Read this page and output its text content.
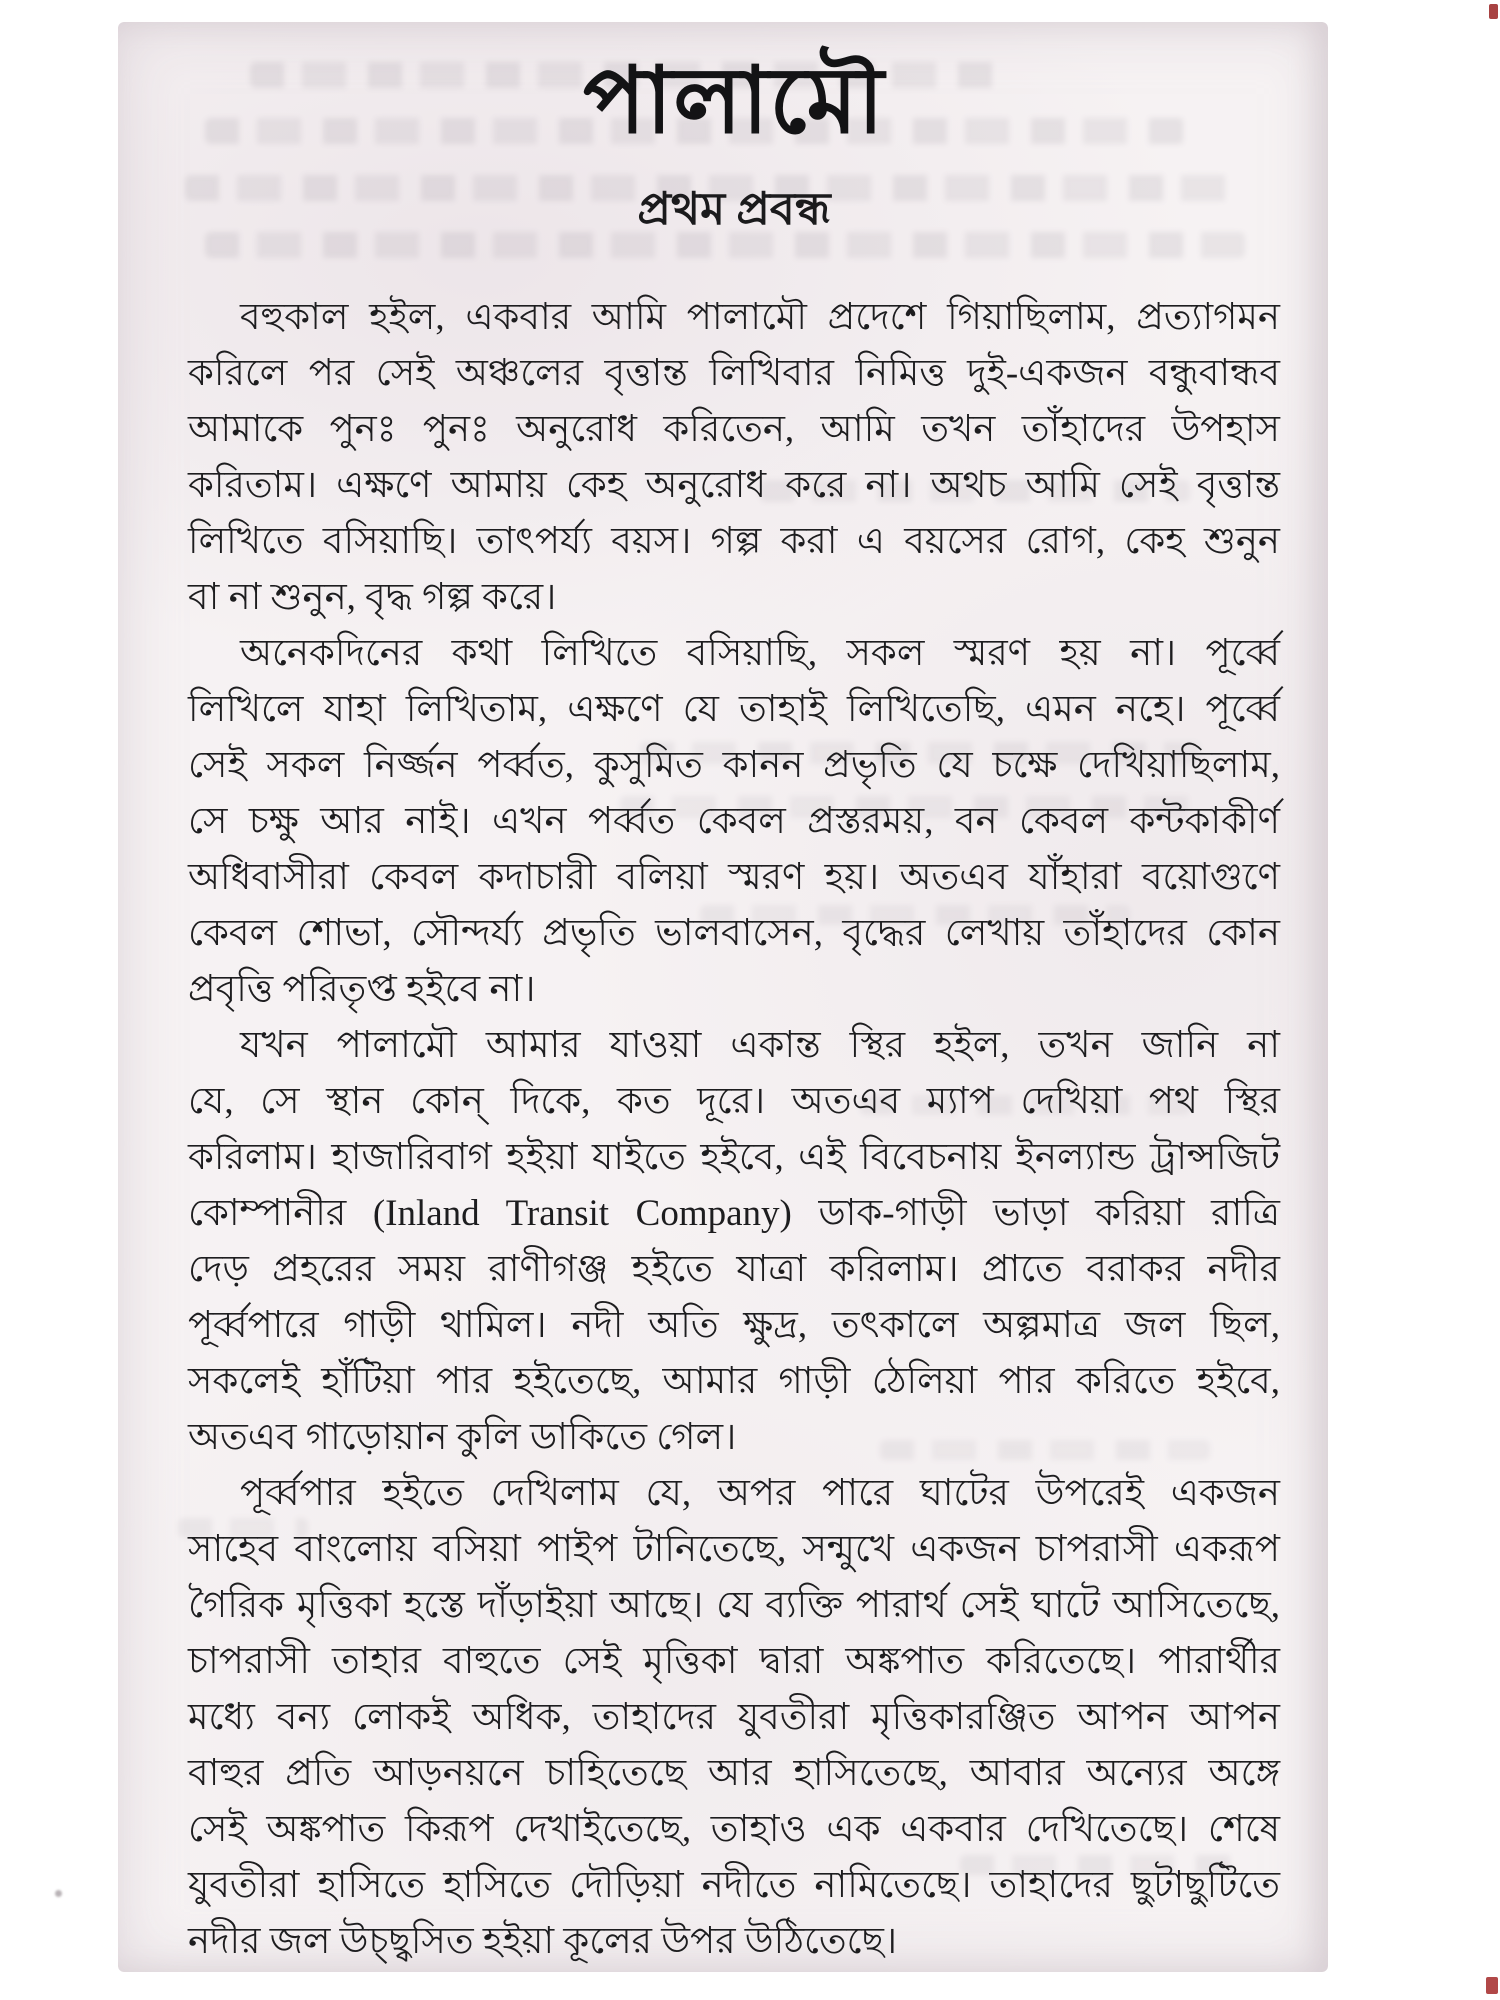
পালামৌ
প্রথম প্রবন্ধ
বহুকাল হইল, একবার আমি পালামৌ প্রদেশে গিয়াছিলাম, প্রত্যাগমন
করিলে পর সেই অঞ্চলের বৃত্তান্ত লিখিবার নিমিত্ত দুই-একজন বন্ধুবান্ধব
আমাকে পুনঃ পুনঃ অনুরোধ করিতেন, আমি তখন তাঁহাদের উপহাস
করিতাম। এক্ষণে আমায় কেহ অনুরোধ করে না। অথচ আমি সেই বৃত্তান্ত
লিখিতে বসিয়াছি। তাৎপর্য্য বয়স। গল্প করা এ বয়সের রোগ, কেহ শুনুন
বা না শুনুন, বৃদ্ধ গল্প করে।
অনেকদিনের কথা লিখিতে বসিয়াছি, সকল স্মরণ হয় না। পূর্ব্বে
লিখিলে যাহা লিখিতাম, এক্ষণে যে তাহাই লিখিতেছি, এমন নহে। পূর্ব্বে
সেই সকল নির্জ্জন পর্ব্বত, কুসুমিত কানন প্রভৃতি যে চক্ষে দেখিয়াছিলাম,
সে চক্ষু আর নাই। এখন পর্ব্বত কেবল প্রস্তরময়, বন কেবল কন্টকাকীর্ণ
অধিবাসীরা কেবল কদাচারী বলিয়া স্মরণ হয়। অতএব যাঁহারা বয়োগুণে
কেবল শোভা, সৌন্দর্য্য প্রভৃতি ভালবাসেন, বৃদ্ধের লেখায় তাঁহাদের কোন
প্রবৃত্তি পরিতৃপ্ত হইবে না।
যখন পালামৌ আমার যাওয়া একান্ত স্থির হইল, তখন জানি না
যে, সে স্থান কোন্ দিকে, কত দূরে। অতএব ম্যাপ দেখিয়া পথ স্থির
করিলাম। হাজারিবাগ হইয়া যাইতে হইবে, এই বিবেচনায় ইনল্যান্ড ট্রান্সজিট
কোম্পানীর (Inland Transit Company) ডাক-গাড়ী ভাড়া করিয়া রাত্রি
দেড় প্রহরের সময় রাণীগঞ্জ হইতে যাত্রা করিলাম। প্রাতে বরাকর নদীর
পূর্ব্বপারে গাড়ী থামিল। নদী অতি ক্ষুদ্র, তৎকালে অল্পমাত্র জল ছিল,
সকলেই হাঁটিয়া পার হইতেছে, আমার গাড়ী ঠেলিয়া পার করিতে হইবে,
অতএব গাড়োয়ান কুলি ডাকিতে গেল।
পূর্ব্বপার হইতে দেখিলাম যে, অপর পারে ঘাটের উপরেই একজন
সাহেব বাংলোয় বসিয়া পাইপ টানিতেছে, সন্মুখে একজন চাপরাসী একরূপ
গৈরিক মৃত্তিকা হস্তে দাঁড়াইয়া আছে। যে ব্যক্তি পারার্থ সেই ঘাটে আসিতেছে,
চাপরাসী তাহার বাহুতে সেই মৃত্তিকা দ্বারা অঙ্কপাত করিতেছে। পারার্থীর
মধ্যে বন্য লোকই অধিক, তাহাদের যুবতীরা মৃত্তিকারঞ্জিত আপন আপন
বাহুর প্রতি আড়নয়নে চাহিতেছে আর হাসিতেছে, আবার অন্যের অঙ্গে
সেই অঙ্কপাত কিরূপ দেখাইতেছে, তাহাও এক একবার দেখিতেছে। শেষে
যুবতীরা হাসিতে হাসিতে দৌড়িয়া নদীতে নামিতেছে। তাহাদের ছুটাছুটিতে
নদীর জল উচ্ছ্বসিত হইয়া কূলের উপর উঠিতেছে।
